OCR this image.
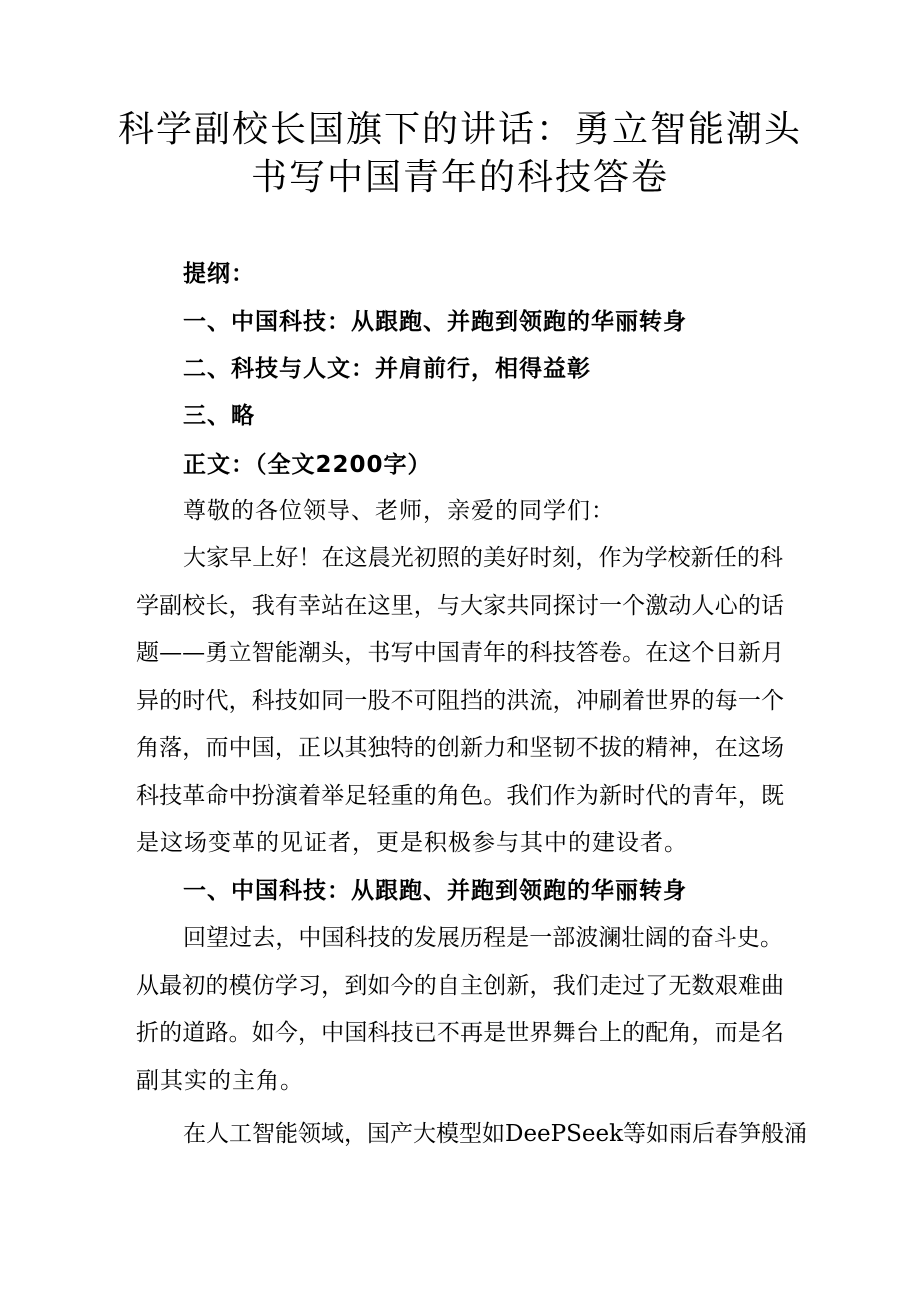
科学副校长国旗下的讲话：勇立智能潮头
书写中国青年的科技答卷
提纲：
一、中国科技：从跟跑、并跑到领跑的华丽转身
二、科技与人文：并肩前行，相得益彰
三、略
正文：（全文2200字）
尊敬的各位领导、老师，亲爱的同学们：
大家早上好！在这晨光初照的美好时刻，作为学校新任的科
学副校长，我有幸站在这里，与大家共同探讨一个激动人心的话
题——勇立智能潮头，书写中国青年的科技答卷。在这个日新月
异的时代，科技如同一股不可阻挡的洪流，冲刷着世界的每一个
角落，而中国，正以其独特的创新力和坚韧不拔的精神，在这场
科技革命中扮演着举足轻重的角色。我们作为新时代的青年，既
是这场变革的见证者，更是积极参与其中的建设者。
一、中国科技：从跟跑、并跑到领跑的华丽转身
回望过去，中国科技的发展历程是一部波澜壮阔的奋斗史。
从最初的模仿学习，到如今的自主创新，我们走过了无数艰难曲
折的道路。如今，中国科技已不再是世界舞台上的配角，而是名
副其实的主角。
在人工智能领域，国产大模型如DeePSeek等如雨后春笋般涌
